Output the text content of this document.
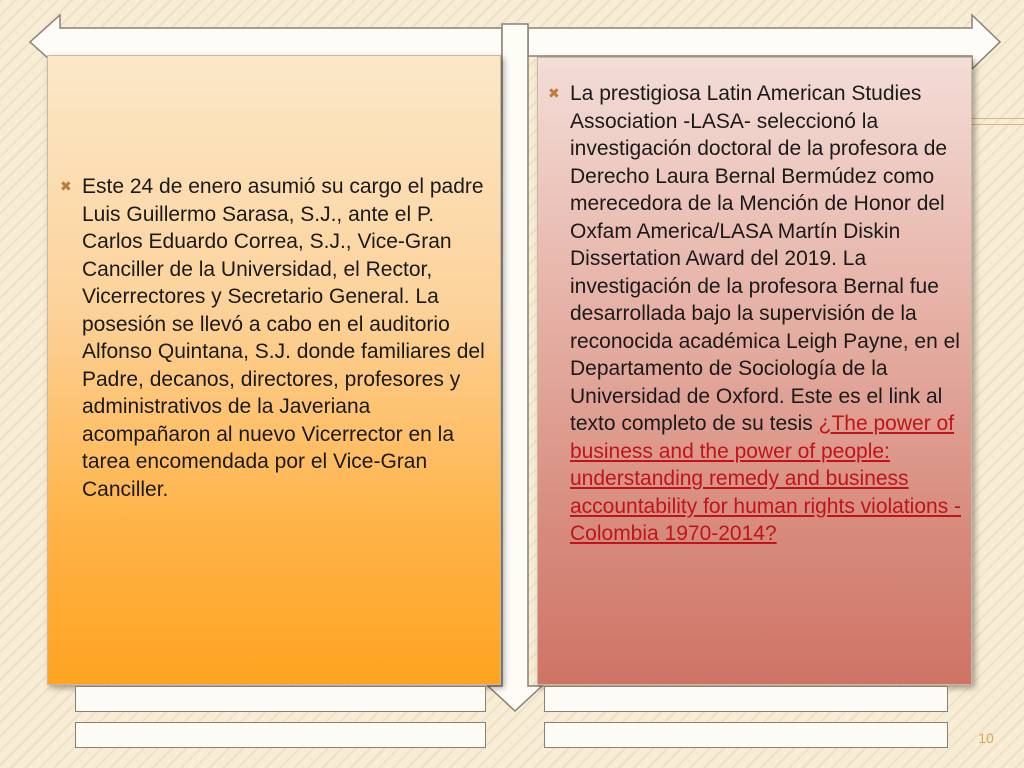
✖ Este 24 de enero asumió su cargo el padre Luis Guillermo Sarasa, S.J., ante el P. Carlos Eduardo Correa, S.J., Vice-Gran Canciller de la Universidad, el Rector, Vicerrectores y Secretario General. La posesión se llevó a cabo en el auditorio Alfonso Quintana, S.J. donde familiares del Padre, decanos, directores, profesores y administrativos de la Javeriana acompañaron al nuevo Vicerrector en la tarea encomendada por el Vice-Gran Canciller.

✖ La prestigiosa Latin American Studies Association -LASA- seleccionó la investigación doctoral de la profesora de Derecho Laura Bernal Bermúdez como merecedora de la Mención de Honor del Oxfam America/LASA Martín Diskin Dissertation Award del 2019. La investigación de la profesora Bernal fue desarrollada bajo la supervisión de la reconocida académica Leigh Payne, en el Departamento de Sociología de la Universidad de Oxford. Este es el link al texto completo de su tesis ¿The power of business and the power of people: understanding remedy and business accountability for human rights violations - Colombia 1970-2014?

10
